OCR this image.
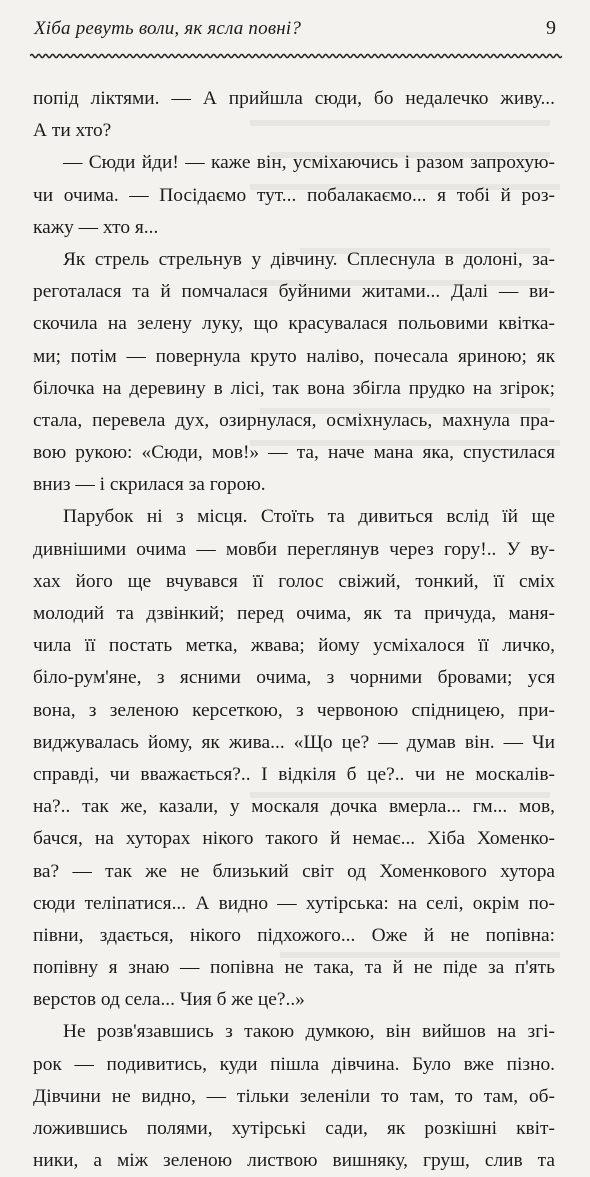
Хіба ревуть воли, як ясла повні?	9
попід ліктями. — А прийшла сюди, бо недалечко живу...
А ти хто?
— Сюди йди! — каже він, усміхаючись і разом запрохую-
чи очима. — Посідаємо тут... побалакаємо... я тобі й роз-
кажу — хто я...
Як стрель стрельнув у дівчину. Сплеснула в долоні, за-
реготалася та й помчалася буйними житами... Далі — ви-
скочила на зелену луку, що красувалася польовими квітка-
ми; потім — повернула круто наліво, почесала яриною; як
білочка на деревину в лісі, так вона збігла прудко на згірок;
стала, перевела дух, озирнулася, осміхнулась, махнула пра-
вою рукою: «Сюди, мов!» — та, наче мана яка, спустилася
вниз — і скрилася за горою.
Парубок ні з місця. Стоїть та дивиться вслід їй ще
дивнішими очима — мовби переглянув через гору!.. У ву-
хах його ще вчувався її голос свіжий, тонкий, її сміх
молодий та дзвінкий; перед очима, як та причуда, маня-
чила її постать метка, жвава; йому усміхалося її личко,
біло-рум'яне, з ясними очима, з чорними бровами; уся
вона, з зеленою керсеткою, з червоною спідницею, при-
виджувалась йому, як жива... «Що це? — думав він. — Чи
справді, чи вважається?.. І відкіля б це?.. чи не москалів-
на?.. так же, казали, у москаля дочка вмерла... гм... мов,
бачся, на хуторах нікого такого й немає... Хіба Хоменко-
ва? — так же не близький світ од Хоменкового хутора
сюди теліпатися... А видно — хутірська: на селі, окрім по-
півни, здається, нікого підхожого... Оже й не попівна:
попівну я знаю — попівна не така, та й не піде за п'ять
верстов од села... Чия б же це?..»
Не розв'язавшись з такою думкою, він вийшов на згі-
рок — подивитись, куди пішла дівчина. Було вже пізно.
Дівчини не видно, — тільки зеленіли то там, то там, об-
ложившись полями, хутірські сади, як розкішні квіт-
ники, а між зеленою листвою вишняку, груш, слив та
